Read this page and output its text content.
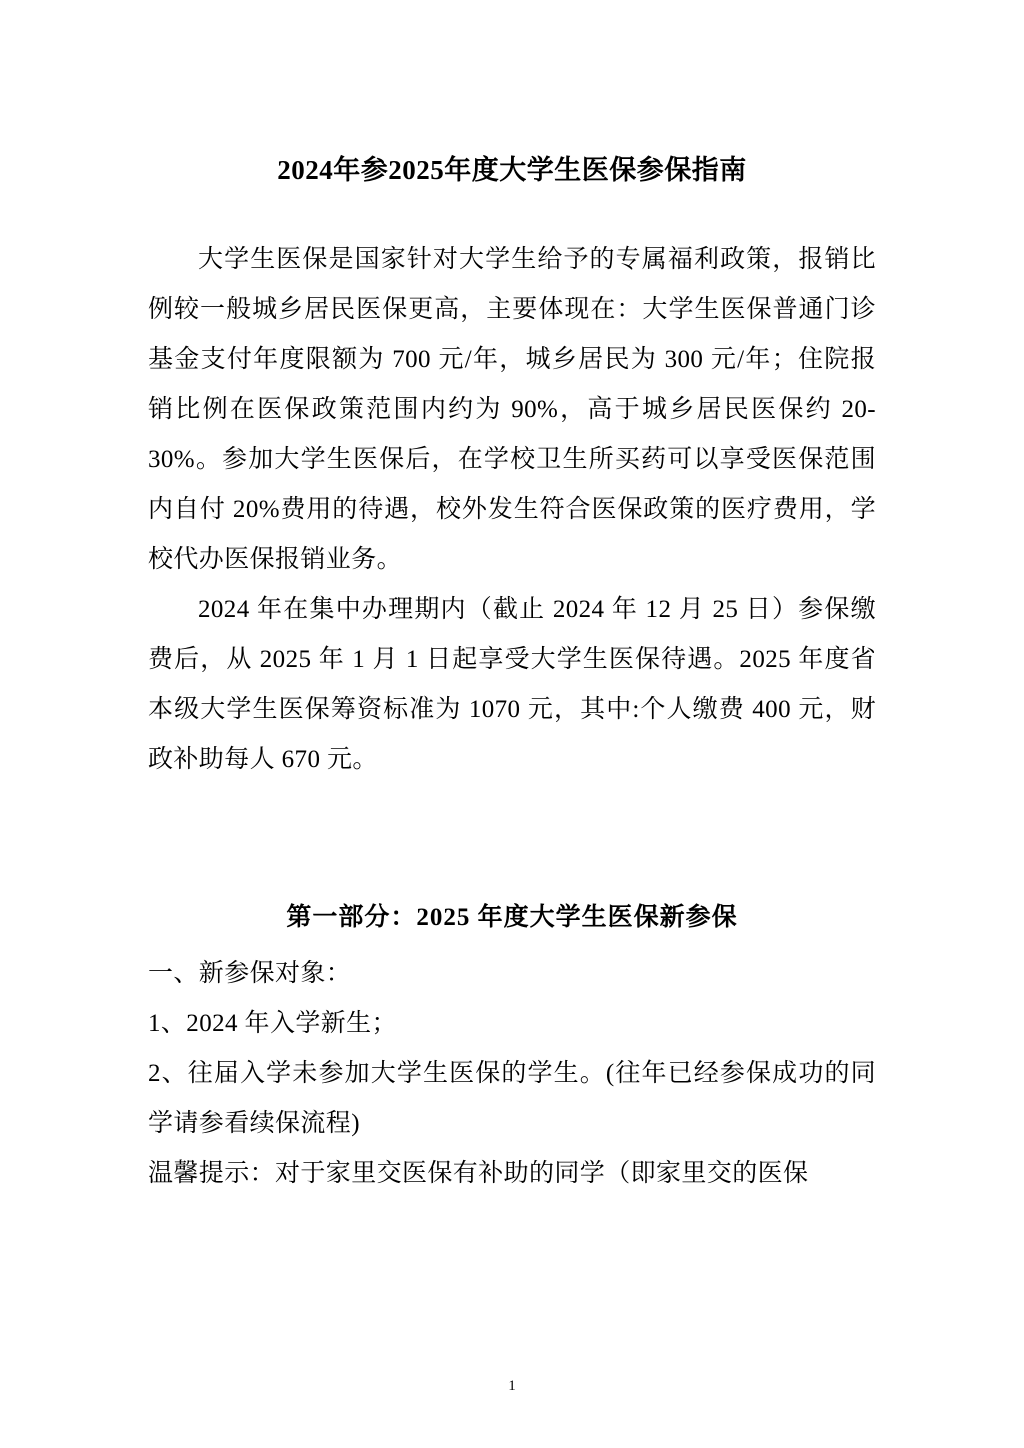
2024年参2025年度大学生医保参保指南

大学生医保是国家针对大学生给予的专属福利政策，报销比例较一般城乡居民医保更高，主要体现在：大学生医保普通门诊基金支付年度限额为 700 元/年，城乡居民为 300 元/年；住院报销比例在医保政策范围内约为 90%，高于城乡居民医保约 20-30%。参加大学生医保后，在学校卫生所买药可以享受医保范围内自付 20%费用的待遇，校外发生符合医保政策的医疗费用，学校代办医保报销业务。

2024 年在集中办理期内（截止 2024 年 12 月 25 日）参保缴费后，从 2025 年 1 月 1 日起享受大学生医保待遇。2025 年度省本级大学生医保筹资标准为 1070 元，其中:个人缴费 400 元，财政补助每人 670 元。

第一部分：2025 年度大学生医保新参保

一、新参保对象：

1、2024 年入学新生；

2、往届入学未参加大学生医保的学生。(往年已经参保成功的同学请参看续保流程)

温馨提示：对于家里交医保有补助的同学（即家里交的医保

1
